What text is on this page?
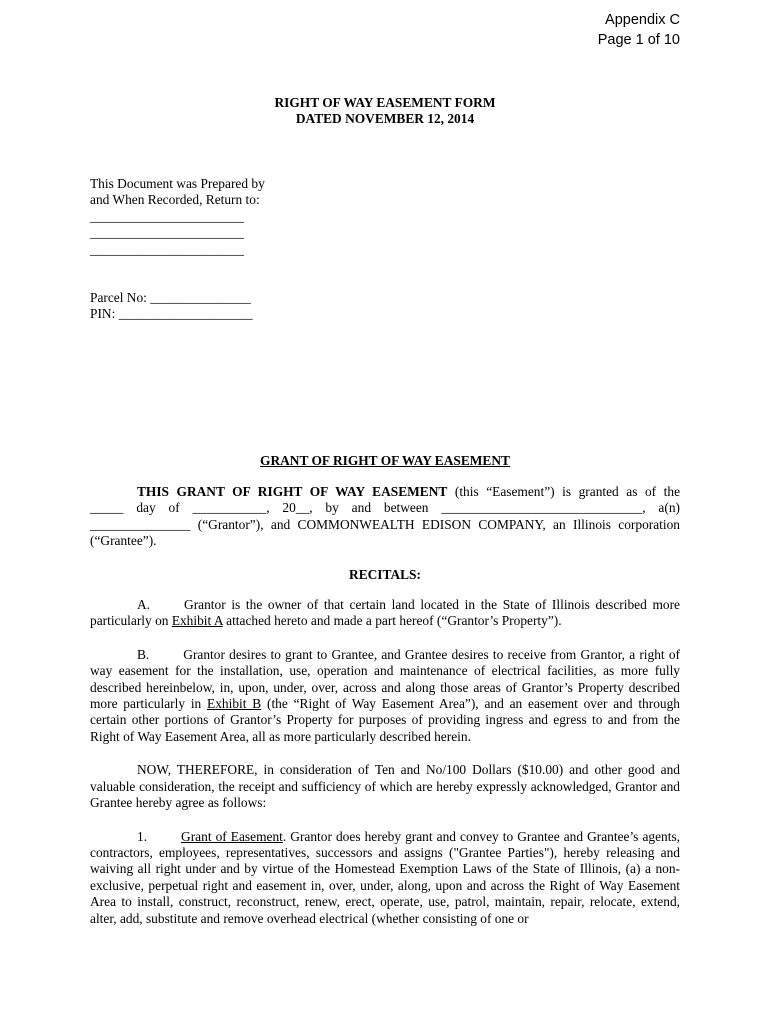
Appendix C
Page 1 of 10
RIGHT OF WAY EASEMENT FORM
DATED NOVEMBER 12, 2014
This Document was Prepared by
and When Recorded, Return to:
_______________________
_______________________
_______________________
Parcel No: _______________
PIN: ____________________
GRANT OF RIGHT OF WAY EASEMENT
THIS GRANT OF RIGHT OF WAY EASEMENT (this “Easement”) is granted as of the
_____ day of ___________, 20__, by and between ______________________________, a(n)
_______________ (“Grantor”), and COMMONWEALTH EDISON COMPANY, an Illinois corporation
(“Grantee”).

RECITALS:

A.	Grantor is the owner of that certain land located in the State of Illinois described more particularly on Exhibit A attached hereto and made a part hereof (“Grantor’s Property”).

B.	Grantor desires to grant to Grantee, and Grantee desires to receive from Grantor, a right of way easement for the installation, use, operation and maintenance of electrical facilities, as more fully described hereinbelow, in, upon, under, over, across and along those areas of Grantor’s Property described more particularly in Exhibit B (the “Right of Way Easement Area”), and an easement over and through certain other portions of Grantor’s Property for purposes of providing ingress and egress to and from the Right of Way Easement Area, all as more particularly described herein.

NOW, THEREFORE, in consideration of Ten and No/100 Dollars ($10.00) and other good and valuable consideration, the receipt and sufficiency of which are hereby expressly acknowledged, Grantor and Grantee hereby agree as follows:

1.	Grant of Easement. Grantor does hereby grant and convey to Grantee and Grantee’s agents, contractors, employees, representatives, successors and assigns ("Grantee Parties"), hereby releasing and waiving all right under and by virtue of the Homestead Exemption Laws of the State of Illinois, (a) a non-exclusive, perpetual right and easement in, over, under, along, upon and across the Right of Way Easement Area to install, construct, reconstruct, renew, erect, operate, use, patrol, maintain, repair, relocate, extend, alter, add, substitute and remove overhead electrical (whether consisting of one or
